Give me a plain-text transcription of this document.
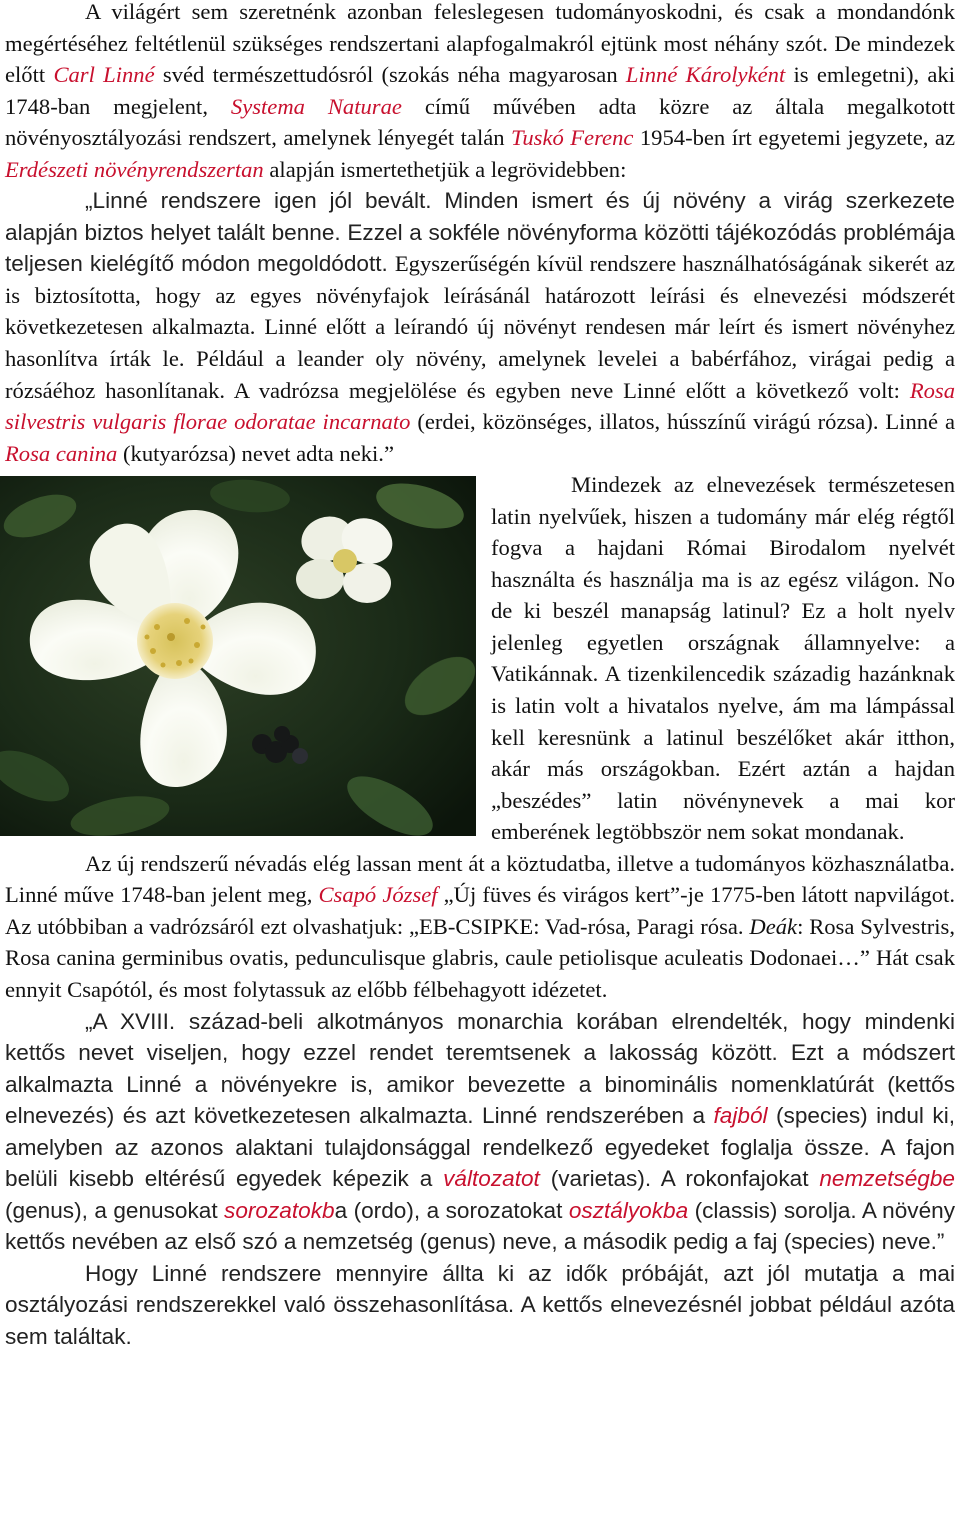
A világért sem szeretnénk azonban feleslegesen tudományoskodni, és csak a mondandónk megértéséhez feltétlenül szükséges rendszertani alapfogalmakról ejtünk most néhány szót. De mindezek előtt Carl Linné svéd természettudósról (szokás néha magyarosan Linné Károlyként is emlegetni), aki 1748-ban megjelent, Systema Naturae című művében adta közre az általa megalkotott növényosztályozási rendszert, amelynek lényegét talán Tuskó Ferenc 1954-ben írt egyetemi jegyzete, az Erdészeti növényrendszertan alapján ismertethetjük a legrövidebben:

„Linné rendszere igen jól bevált. Minden ismert és új növény a virág szerkezete alapján biztos helyet talált benne. Ezzel a sokféle növényforma közötti tájékozódás problémája teljesen kielégítő módon megoldódott. Egyszerűségén kívül rendszere használhatóságának sikerét az is biztosította, hogy az egyes növényfajok leírásánál határozott leírási és elnevezési módszerét következetesen alkalmazta. Linné előtt a leírandó új növényt rendesen már leírt és ismert növényhez hasonlítva írták le. Például a leander oly növény, amelynek levelei a babérfához, virágai pedig a rózsáéhoz hasonlítanak. A vadrózsa megjelölése és egyben neve Linné előtt a következő volt: Rosa silvestris vulgaris florae odoratae incarnato (erdei, közönséges, illatos, hússzínű virágú rózsa). Linné a Rosa canina (kutyarózsa) nevet adta neki.”

Mindezek az elnevezések természetesen latin nyelvűek, hiszen a tudomány már elég régtől fogva a hajdani Római Birodalom nyelvét használta és használja ma is az egész világon. No de ki beszél manapság latinul? Ez a holt nyelv jelenleg egyetlen országnak államnyelve: a Vatikánnak. A tizenkilencedik századig hazánknak is latin volt a hivatalos nyelve, ám ma lámpással kell keresnünk a latinul beszélőket akár itthon, akár más országokban. Ezért aztán a hajdan „beszédes” latin növénynevek a mai kor emberének legtöbbször nem sokat mondanak.

Az új rendszerű névadás elég lassan ment át a köztudatba, illetve a tudományos közhasználatba. Linné műve 1748-ban jelent meg, Csapó József „Új füves és virágos kert”-je 1775-ben látott napvilágot. Az utóbbiban a vadrózsáról ezt olvashatjuk: „EB-CSIPKE: Vad-rósa, Paragi rósa. Deák: Rosa Sylvestris, Rosa canina germinibus ovatis, pedunculisque glabris, caule petiolisque aculeatis Dodonaei…” Hát csak ennyit Csapótól, és most folytassuk az előbb félbehagyott idézetet.

„A XVIII. század-beli alkotmányos monarchia korában elrendelték, hogy mindenki kettős nevet viseljen, hogy ezzel rendet teremtsenek a lakosság között. Ezt a módszert alkalmazta Linné a növényekre is, amikor bevezette a binominális nomenklatúrát (kettős elnevezés) és azt következetesen alkalmazta. Linné rendszerében a fajból (species) indul ki, amelyben az azonos alaktani tulajdonsággal rendelkező egyedeket foglalja össze. A fajon belüli kisebb eltérésű egyedek képezik a változatot (varietas). A rokonfajokat nemzetségbe (genus), a genusokat sorozatokba (ordo), a sorozatokat osztályokba (classis) sorolja. A növény kettős nevében az első szó a nemzetség (genus) neve, a második pedig a faj (species) neve.”

Hogy Linné rendszere mennyire állta ki az idők próbáját, azt jól mutatja a mai osztályozási rendszerekkel való összehasonlítása. A kettős elnevezésnél jobbat például azóta sem találtak.
